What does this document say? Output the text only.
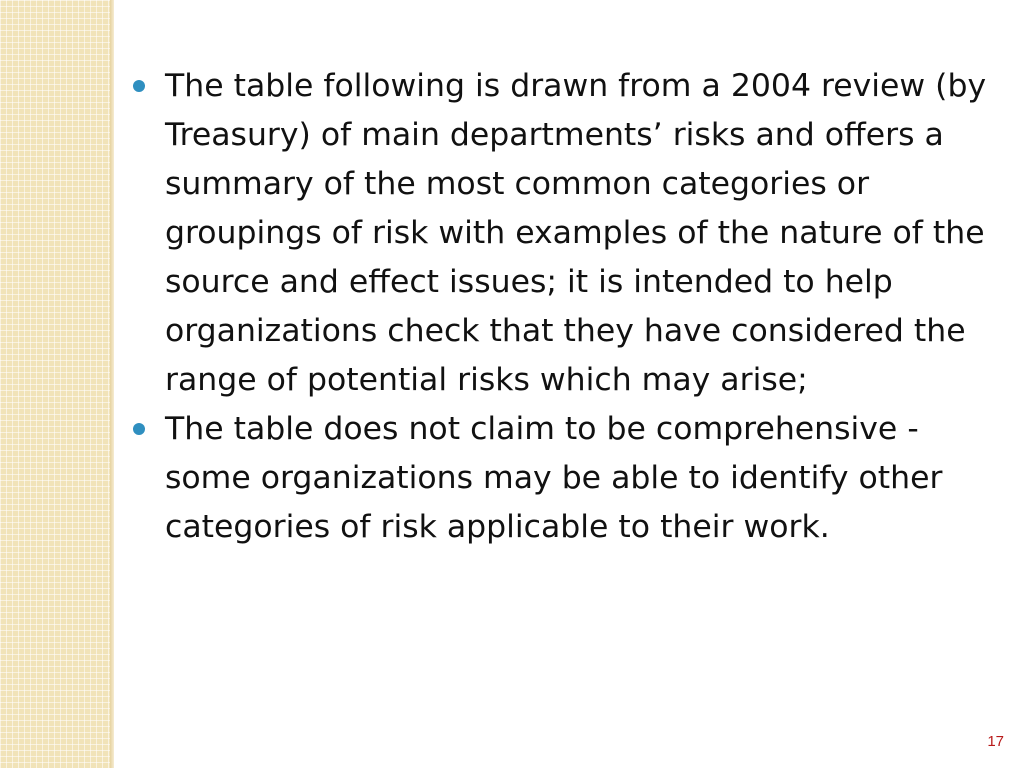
The table following is drawn from a 2004 review (by Treasury) of main departments’ risks and offers a summary of the most common categories or groupings of risk with examples of the nature of the source and effect issues; it is intended to help organizations check that they have considered the range of potential risks which may arise;
The table does not claim to be comprehensive - some organizations may be able to identify other categories of risk applicable to their work.
17
